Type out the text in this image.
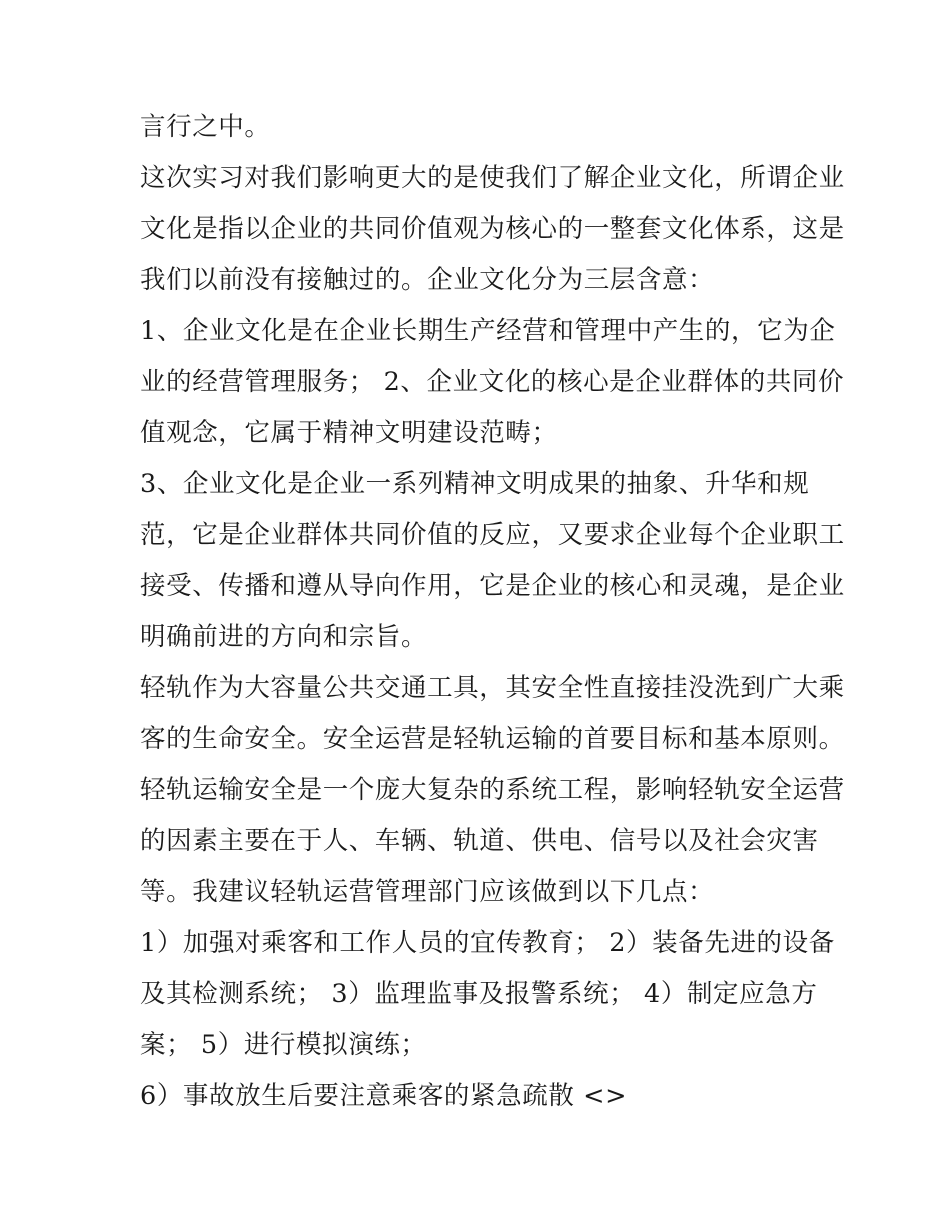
言行之中。
这次实习对我们影响更大的是使我们了解企业文化，所谓企业
文化是指以企业的共同价值观为核心的一整套文化体系，这是
我们以前没有接触过的。企业文化分为三层含意：
1、企业文化是在企业长期生产经营和管理中产生的，它为企
业的经营管理服务； 2、企业文化的核心是企业群体的共同价
值观念，它属于精神文明建设范畴；
3、企业文化是企业一系列精神文明成果的抽象、升华和规
范，它是企业群体共同价值的反应，又要求企业每个企业职工
接受、传播和遵从导向作用，它是企业的核心和灵魂，是企业
明确前进的方向和宗旨。
轻轨作为大容量公共交通工具，其安全性直接挂没洗到广大乘
客的生命安全。安全运营是轻轨运输的首要目标和基本原则。
轻轨运输安全是一个庞大复杂的系统工程，影响轻轨安全运营
的因素主要在于人、车辆、轨道、供电、信号以及社会灾害
等。我建议轻轨运营管理部门应该做到以下几点：
1）加强对乘客和工作人员的宜传教育； 2）装备先进的设备
及其检测系统； 3）监理监事及报警系统； 4）制定应急方
案； 5）进行模拟演练；
6）事故放生后要注意乘客的紧急疏散 <>
